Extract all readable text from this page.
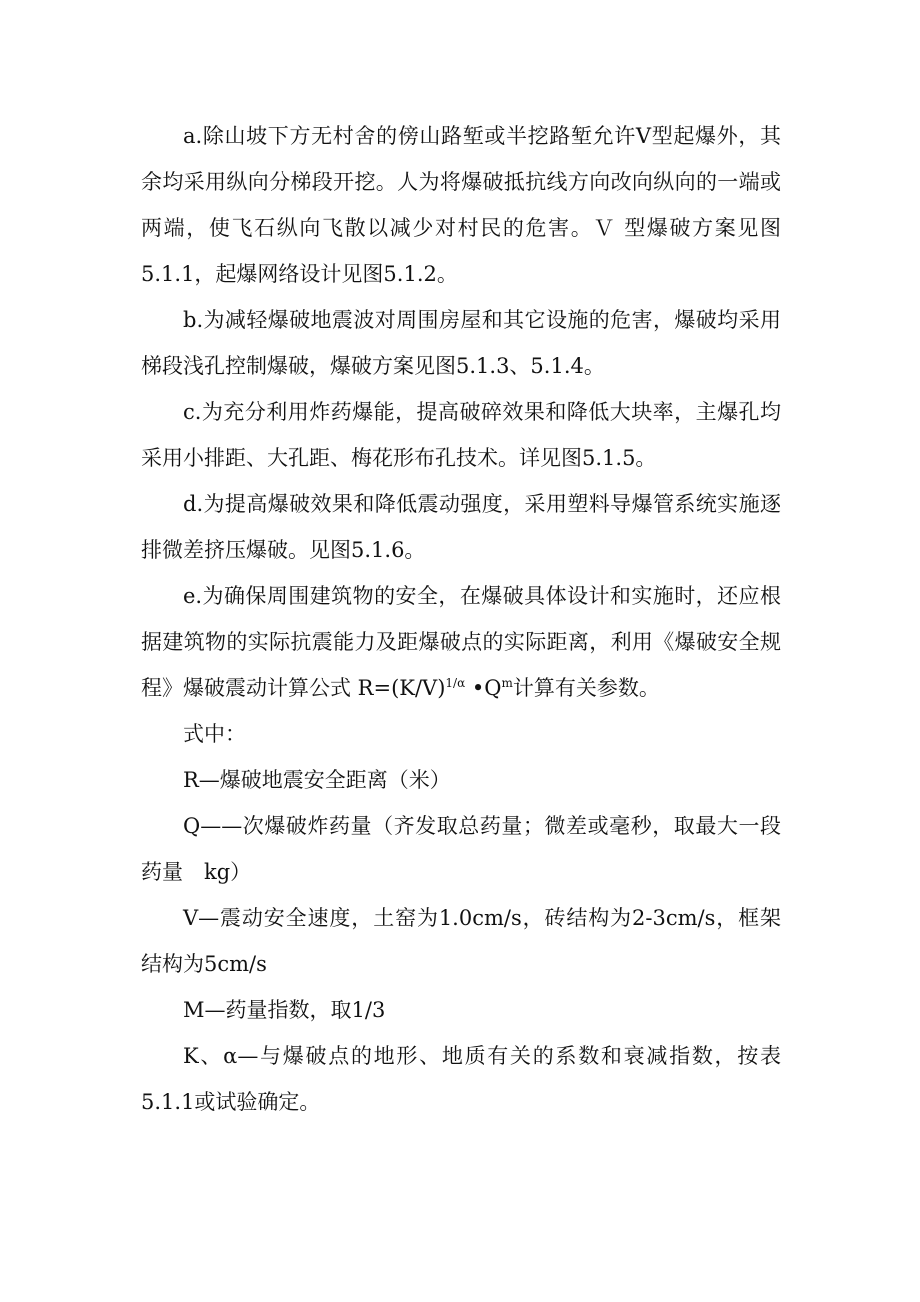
a.除山坡下方无村舍的傍山路堑或半挖路堑允许Ⅴ型起爆外，其余均采用纵向分梯段开挖。人为将爆破抵抗线方向改向纵向的一端或两端，使飞石纵向飞散以减少对村民的危害。Ｖ 型爆破方案见图5.1.1，起爆网络设计见图5.1.2。

b.为减轻爆破地震波对周围房屋和其它设施的危害，爆破均采用梯段浅孔控制爆破，爆破方案见图5.1.3、5.1.4。

c.为充分利用炸药爆能，提高破碎效果和降低大块率，主爆孔均采用小排距、大孔距、梅花形布孔技术。详见图5.1.5。

d.为提高爆破效果和降低震动强度，采用塑料导爆管系统实施逐排微差挤压爆破。见图5.1.6。

e.为确保周围建筑物的安全，在爆破具体设计和实施时，还应根据建筑物的实际抗震能力及距爆破点的实际距离，利用《爆破安全规程》爆破震动计算公式 $R=(K/V)^{1/\alpha}$ $•Q^m$计算有关参数。

式中：

R—爆破地震安全距离（米）

Q——次爆破炸药量（齐发取总药量；微差或毫秒，取最大一段药量　kg）

V—震动安全速度，土窑为1.0cm/s，砖结构为2-3cm/s，框架结构为5cm/s

M—药量指数，取1/3

K、α—与爆破点的地形、地质有关的系数和衰减指数，按表5.1.1或试验确定。
